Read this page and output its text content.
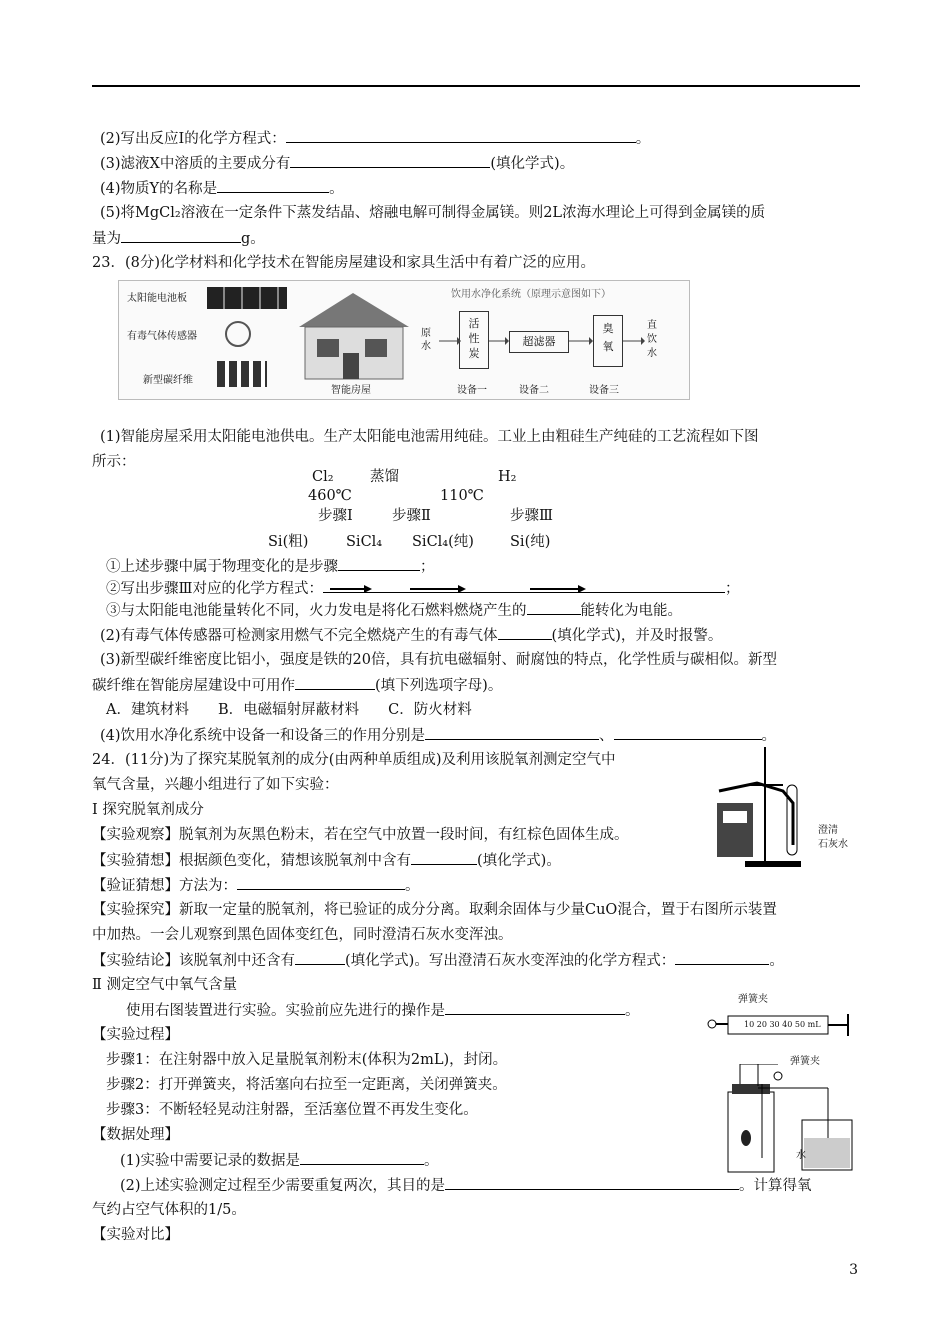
(2)写出反应Ⅰ的化学方程式：	。
(3)滤液X中溶质的主要成分有	(填化学式)。
(4)物质Y的名称是	。
(5)将MgCl₂溶液在一定条件下蒸发结晶、熔融电解可制得金属镁。则2L浓海水理论上可得到金属镁的质
量为	g。
23．(8分)化学材料和化学技术在智能房屋建设和家具生活中有着广泛的应用。
太阳能电池板
有毒气体传感器
新型碳纤维
智能房屋
饮用水净化系统（原理示意图如下）
原
水
活
性
炭
超滤器
臭
氧
直
饮
水
设备一	设备二	设备三
(1)智能房屋采用太阳能电池供电。生产太阳能电池需用纯硅。工业上由粗硅生产纯硅的工艺流程如下图
所示：
Cl₂	蒸馏	H₂
460℃	110℃
步骤Ⅰ	步骤Ⅱ	步骤Ⅲ
Si(粗)	SiCl₄ SiCl₄(纯) Si(纯)
①上述步骤中属于物理变化的是步骤	；
②写出步骤Ⅲ对应的化学方程式：	；
③与太阳能电池能量转化不同，火力发电是将化石燃料燃烧产生的	能转化为电能。
(2)有毒气体传感器可检测家用燃气不完全燃烧产生的有毒气体	(填化学式)，并及时报警。
(3)新型碳纤维密度比铝小，强度是铁的20倍，具有抗电磁辐射、耐腐蚀的特点，化学性质与碳相似。新型
碳纤维在智能房屋建设中可用作	(填下列选项字母)。
A．建筑材料　　B．电磁辐射屏蔽材料　　C．防火材料
(4)饮用水净化系统中设备一和设备三的作用分别是	、	。
24．(11分)为了探究某脱氧剂的成分(由两种单质组成)及利用该脱氧剂测定空气中
氧气含量，兴趣小组进行了如下实验：
Ⅰ 探究脱氧剂成分
【实验观察】脱氧剂为灰黑色粉末，若在空气中放置一段时间，有红棕色固体生成。
【实验猜想】根据颜色变化，猜想该脱氧剂中含有	(填化学式)。
【验证猜想】方法为：	。
【实验探究】新取一定量的脱氧剂，将已验证的成分分离。取剩余固体与少量CuO混合，置于右图所示装置
中加热。一会儿观察到黑色固体变红色，同时澄清石灰水变浑浊。
【实验结论】该脱氧剂中还含有	(填化学式)。写出澄清石灰水变浑浊的化学方程式：	。
Ⅱ 测定空气中氧气含量
使用右图装置进行实验。实验前应先进行的操作是	。
【实验过程】
步骤1：在注射器中放入足量脱氧剂粉末(体积为2mL)，封闭。
步骤2：打开弹簧夹，将活塞向右拉至一定距离，关闭弹簧夹。
步骤3：不断轻轻晃动注射器，至活塞位置不再发生变化。
【数据处理】
(1)实验中需要记录的数据是	。
(2)上述实验测定过程至少需要重复两次，其目的是	。计算得氧
气约占空气体积的1/5。
【实验对比】
澄清
石灰水
弹簧夹
10 20 30 40 50 mL
弹簧夹
水
3
